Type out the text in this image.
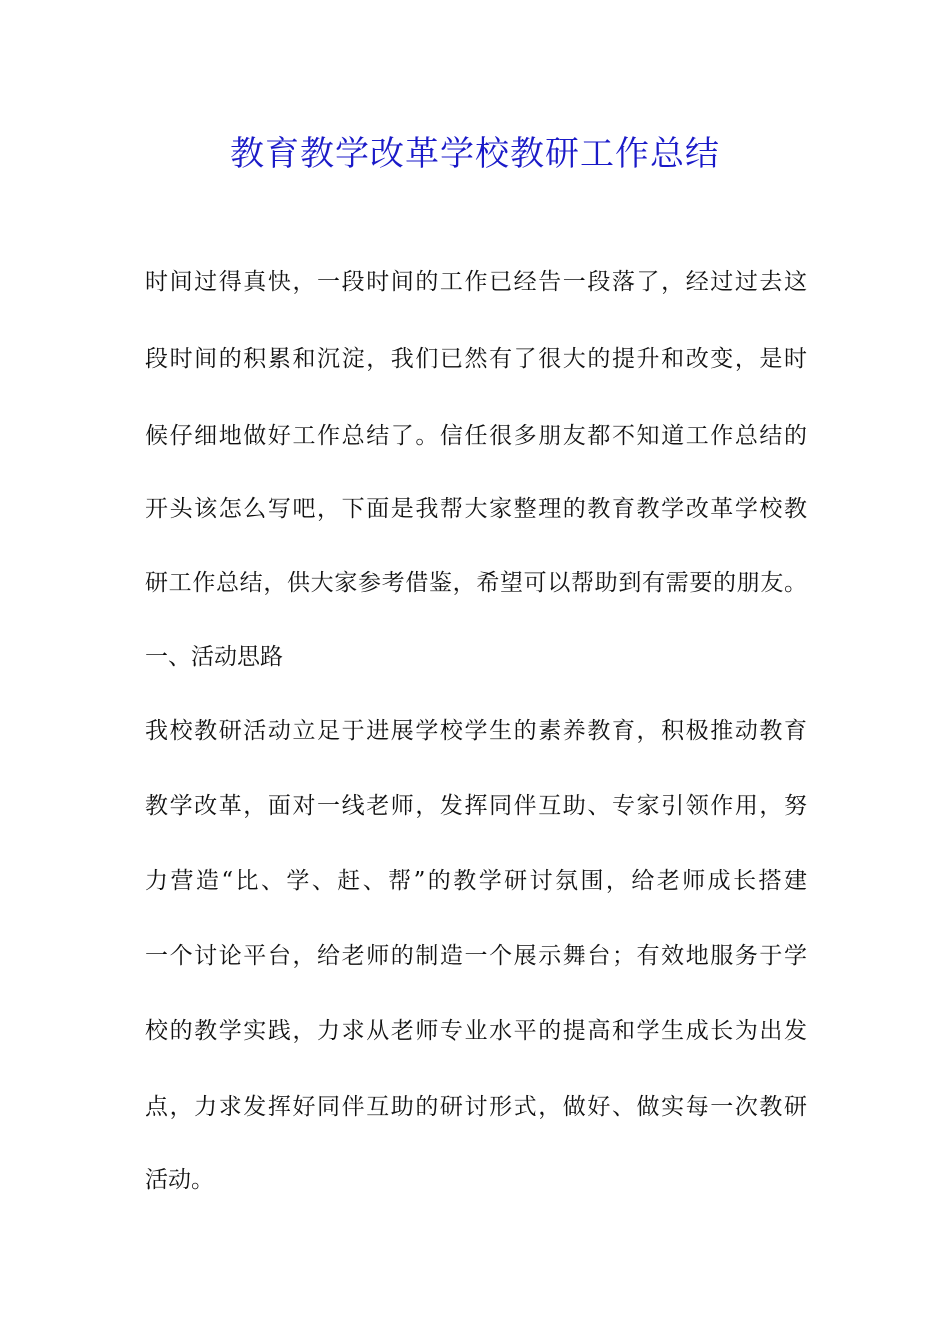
教育教学改革学校教研工作总结
时间过得真快，一段时间的工作已经告一段落了，经过过去这
段时间的积累和沉淀，我们已然有了很大的提升和改变，是时
候仔细地做好工作总结了。信任很多朋友都不知道工作总结的
开头该怎么写吧，下面是我帮大家整理的教育教学改革学校教
研工作总结，供大家参考借鉴，希望可以帮助到有需要的朋友。
一、活动思路
我校教研活动立足于进展学校学生的素养教育，积极推动教育
教学改革，面对一线老师，发挥同伴互助、专家引领作用，努
力营造“比、学、赶、帮”的教学研讨氛围，给老师成长搭建
一个讨论平台，给老师的制造一个展示舞台；有效地服务于学
校的教学实践，力求从老师专业水平的提高和学生成长为出发
点，力求发挥好同伴互助的研讨形式，做好、做实每一次教研
活动。
